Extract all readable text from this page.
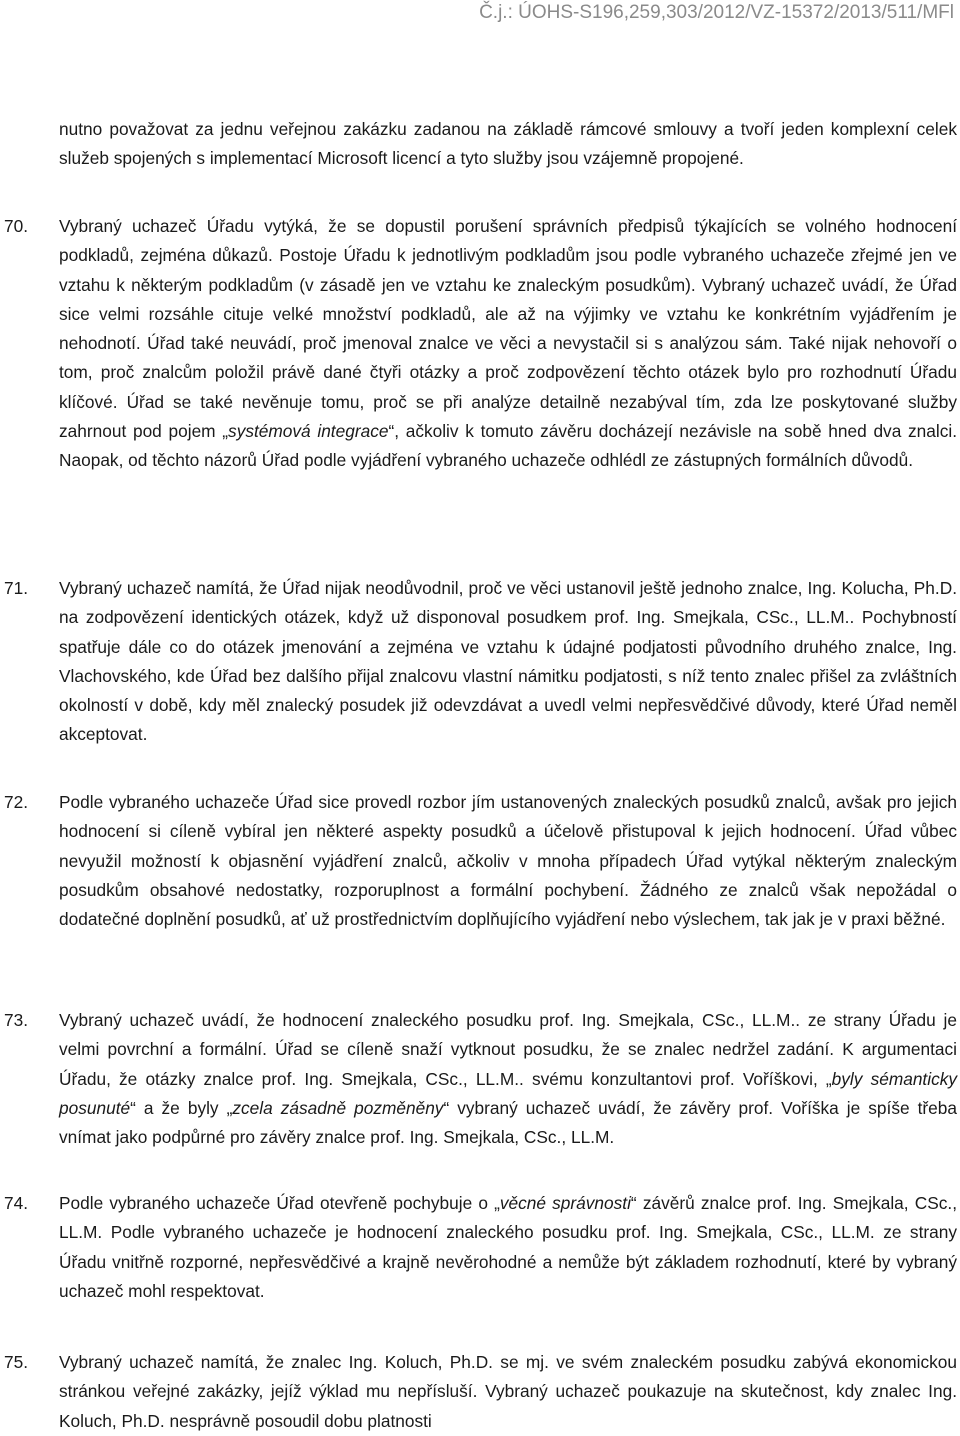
Č.j.: ÚOHS-S196,259,303/2012/VZ-15372/2013/511/MFl
nutno považovat za jednu veřejnou zakázku zadanou na základě rámcové smlouvy a tvoří jeden komplexní celek služeb spojených s implementací Microsoft licencí a tyto služby jsou vzájemně propojené.
70. Vybraný uchazeč Úřadu vytýká, že se dopustil porušení správních předpisů týkajících se volného hodnocení podkladů, zejména důkazů. Postoje Úřadu k jednotlivým podkladům jsou podle vybraného uchazeče zřejmé jen ve vztahu k některým podkladům (v zásadě jen ve vztahu ke znaleckým posudkům). Vybraný uchazeč uvádí, že Úřad sice velmi rozsáhle cituje velké množství podkladů, ale až na výjimky ve vztahu ke konkrétním vyjádřením je nehodnotí. Úřad také neuvádí, proč jmenoval znalce ve věci a nevystačil si s analýzou sám. Také nijak nehovoří o tom, proč znalcům položil právě dané čtyři otázky a proč zodpovězení těchto otázek bylo pro rozhodnutí Úřadu klíčové. Úřad se také nevěnuje tomu, proč se při analýze detailně nezabýval tím, zda lze poskytované služby zahrnout pod pojem „systémová integrace“, ačkoliv k tomuto závěru docházejí nezávisle na sobě hned dva znalci. Naopak, od těchto názorů Úřad podle vyjádření vybraného uchazeče odhlédl ze zástupných formálních důvodů.
71. Vybraný uchazeč namítá, že Úřad nijak neodůvodnil, proč ve věci ustanovil ještě jednoho znalce, Ing. Kolucha, Ph.D. na zodpovězení identických otázek, když už disponoval posudkem prof. Ing. Smejkala, CSc., LL.M.. Pochybností spatřuje dále co do otázek jmenování a zejména ve vztahu k údajné podjatosti původního druhého znalce, Ing. Vlachovského, kde Úřad bez dalšího přijal znalcovu vlastní námitku podjatosti, s níž tento znalec přišel za zvláštních okolností v době, kdy měl znalecký posudek již odevzdávat a uvedl velmi nepřesvědčivé důvody, které Úřad neměl akceptovat.
72. Podle vybraného uchazeče Úřad sice provedl rozbor jím ustanovených znaleckých posudků znalců, avšak pro jejich hodnocení si cíleně vybíral jen některé aspekty posudků a účelově přistupoval k jejich hodnocení. Úřad vůbec nevyužil možností k objasnění vyjádření znalců, ačkoliv v mnoha případech Úřad vytýkal některým znaleckým posudkům obsahové nedostatky, rozporuplnost a formální pochybení. Žádného ze znalců však nepožádal o dodatečné doplnění posudků, ať už prostřednictvím doplňujícího vyjádření nebo výslechem, tak jak je v praxi běžné.
73. Vybraný uchazeč uvádí, že hodnocení znaleckého posudku prof. Ing. Smejkala, CSc., LL.M.. ze strany Úřadu je velmi povrchní a formální. Úřad se cíleně snaží vytknout posudku, že se znalec nedržel zadání. K argumentaci Úřadu, že otázky znalce prof. Ing. Smejkala, CSc., LL.M.. svému konzultantovi prof. Voříškovi, „byly sémanticky posunuté“ a že byly „zcela zásadně pozměněny“ vybraný uchazeč uvádí, že závěry prof. Voříška je spíše třeba vnímat jako podpůrné pro závěry znalce prof. Ing. Smejkala, CSc., LL.M.
74. Podle vybraného uchazeče Úřad otevřeně pochybuje o „věcné správnosti“ závěrů znalce prof. Ing. Smejkala, CSc., LL.M. Podle vybraného uchazeče je hodnocení znaleckého posudku prof. Ing. Smejkala, CSc., LL.M. ze strany Úřadu vnitřně rozporné, nepřesvědčivé a krajně nevěrohodné a nemůže být základem rozhodnutí, které by vybraný uchazeč mohl respektovat.
75. Vybraný uchazeč namítá, že znalec Ing. Koluch, Ph.D. se mj. ve svém znaleckém posudku zabývá ekonomickou stránkou veřejné zakázky, jejíž výklad mu nepřísluší. Vybraný uchazeč poukazuje na skutečnost, kdy znalec Ing. Koluch, Ph.D. nesprávně posoudil dobu platnosti
